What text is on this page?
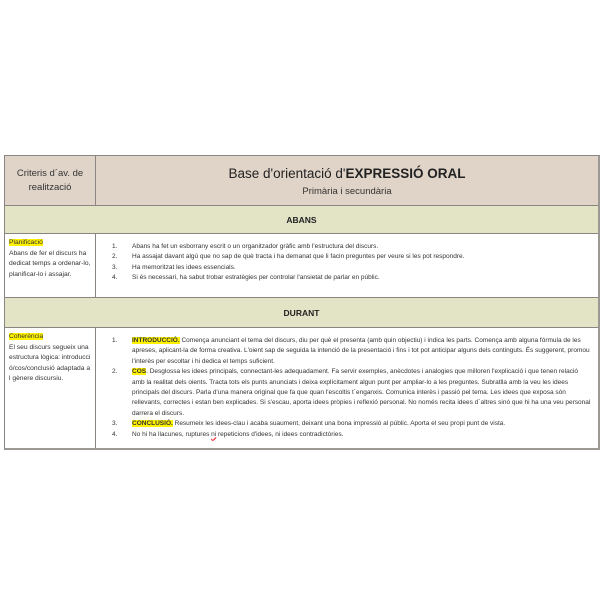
Criteris d´av. de realització
Base d'orientació d'EXPRESSIÓ ORAL
Primària i secundària
ABANS
Planificació
Abans de fer el discurs ha dedicat temps a ordenar-lo, planificar-lo i assajar.
1.	Abans ha fet un esborrany escrit o un organitzador gràfic amb l'estructura del discurs.
2.	Ha assajat davant algú que no sap de què tracta i ha demanat que li facin preguntes per veure si les pot respondre.
3.	Ha memoritzat les idees essencials.
4.	Si és necessari, ha sabut trobar estratègies per controlar l'ansietat de parlar en públic.
DURANT
Coherència
El seu discurs segueix una estructura lògica: introducció/cos/conclusió adaptada al gènere discursiu.
1.	INTRODUCCIÓ. Comença anunciant el tema del discurs, diu per què el presenta (amb quin objectiu) i indica les parts. Comença amb alguna fórmula de les apreses, aplicant-la de forma creativa. L'oient sap de seguida la intenció de la presentació i fins i tot pot anticipar alguns dels continguts. És suggerent, promou l'interès per escoltar i hi dedica el temps suficient.
2.	COS. Desglossa les idees principals, connectant-les adequadament. Fa servir exemples, anècdotes i analogies que milloren l'explicació i que tenen relació amb la realitat dels oients. Tracta tots els punts anunciats i deixa explícitament algun punt per ampliar-lo a les preguntes. Subratlla amb la veu les idees principals del discurs. Parla d'una manera original que fa que quan l'escoltis t´enganxis. Comunica interès i passió pel tema. Les idees que exposa són rellevants, correctes i estan ben explicades. Si s'escau, aporta idees pròpies i reflexió personal. No només recita idees d´altres sinó que hi ha una veu personal darrera el discurs.
3.	CONCLUSIÓ. Resumeix les idees-clau i acaba suaument, deixant una bona impressió al públic. Aporta el seu propi punt de vista.
4.	No hi ha llacunes, ruptures ni repeticions d'idees, ni idees contradictòries.
